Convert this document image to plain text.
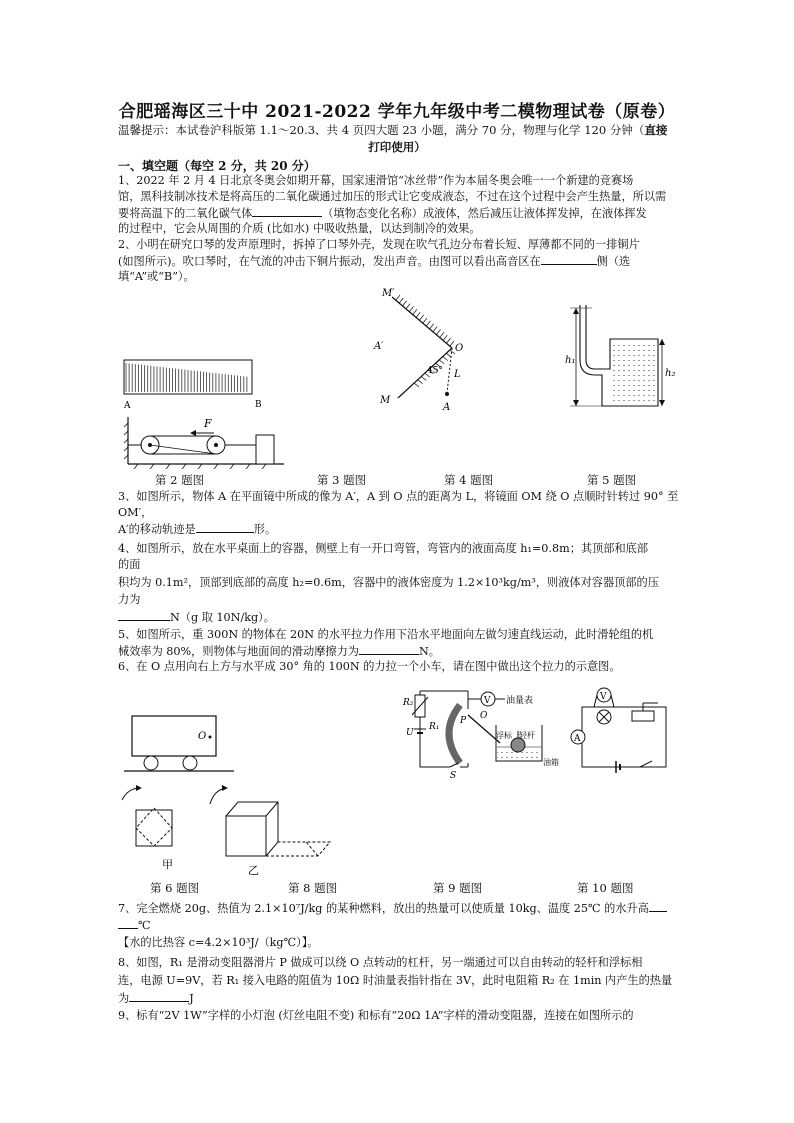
合肥瑶海区三十中 2021-2022 学年九年级中考二模物理试卷（原卷）
温馨提示：本试卷沪科版第 1.1～20.3、共 4 页四大题 23 小题，满分 70 分，物理与化学 120 分钟（直接
打印使用）
一、填空题（每空 2 分，共 20 分）
1、2022 年 2 月 4 日北京冬奥会如期开幕，国家速滑馆“冰丝带”作为本届冬奥会唯一一个新建的竞赛场
馆，黑科技制冰技术是将高压的二氧化碳通过加压的形式让它变成液态，不过在这个过程中会产生热量，所以需
要将高温下的二氧化碳气体	（填物态变化名称）成液体，然后减压让液体挥发掉，在液体挥发
的过程中，它会从周围的介质 (比如水) 中吸收热量，以达到制冷的效果。
2、小明在研究口琴的发声原理时，拆掉了口琴外壳，发现在吹气孔边分布着长短、厚薄都不同的一排铜片
(如图所示)。吹口琴时，在气流的冲击下铜片振动，发出声音。由图可以看出高音区在	侧（选
填“A”或“B”）。
A	B
F
M′
A′	O
45° L
M
A
h₁
h₂
第 2 题图	第 3 题图	第 4 题图	第 5 题图
3、如图所示，物体 A 在平面镜中所成的像为 A′，A 到 O 点的距离为 L，将镜面 OM 绕 O 点顺时针转过 90° 至
OM′，
A′的移动轨迹是	形。
4、如图所示，放在水平桌面上的容器，侧壁上有一开口弯管，弯管内的液面高度 h₁=0.8m；其顶部和底部
的面
积均为 0.1m²，顶部到底部的高度 h₂=0.6m，容器中的液体密度为 1.2×10³kg/m³，则液体对容器顶部的压
力为
N（g 取 10N/kg）。
5、如图所示，重 300N 的物体在 20N 的水平拉力作用下沿水平地面向左做匀速直线运动，此时滑轮组的机
械效率为 80%，则物体与地面间的滑动摩擦力为	N。
6、在 O 点用向右上方与水平成 30° 角的 100N 的力拉一个小车，请在图中做出这个拉力的示意图。
O
甲	乙
R₂
U
V 油量表
R₁
P O
浮标 轻杆
油箱
S
V
A
第 6 题图	第 8 题图	第 9 题图	第 10 题图
7、完全燃烧 20g、热值为 2.1×10⁷J/kg 的某种燃料，放出的热量可以使质量 10kg、温度 25℃ 的水升高
℃
【水的比热容 c=4.2×10³J/（kg℃）】。
8、如图，R₁ 是滑动变阻器滑片 P 做成可以绕 O 点转动的杠杆，另一端通过可以自由转动的轻杆和浮标相
连，电源 U=9V，若 R₁ 接入电路的阻值为 10Ω 时油量表指针指在 3V，此时电阻箱 R₂ 在 1min 内产生的热量
为	J
9、标有“2V 1W”字样的小灯泡 (灯丝电阻不变) 和标有“20Ω 1A”字样的滑动变阻器，连接在如图所示的
